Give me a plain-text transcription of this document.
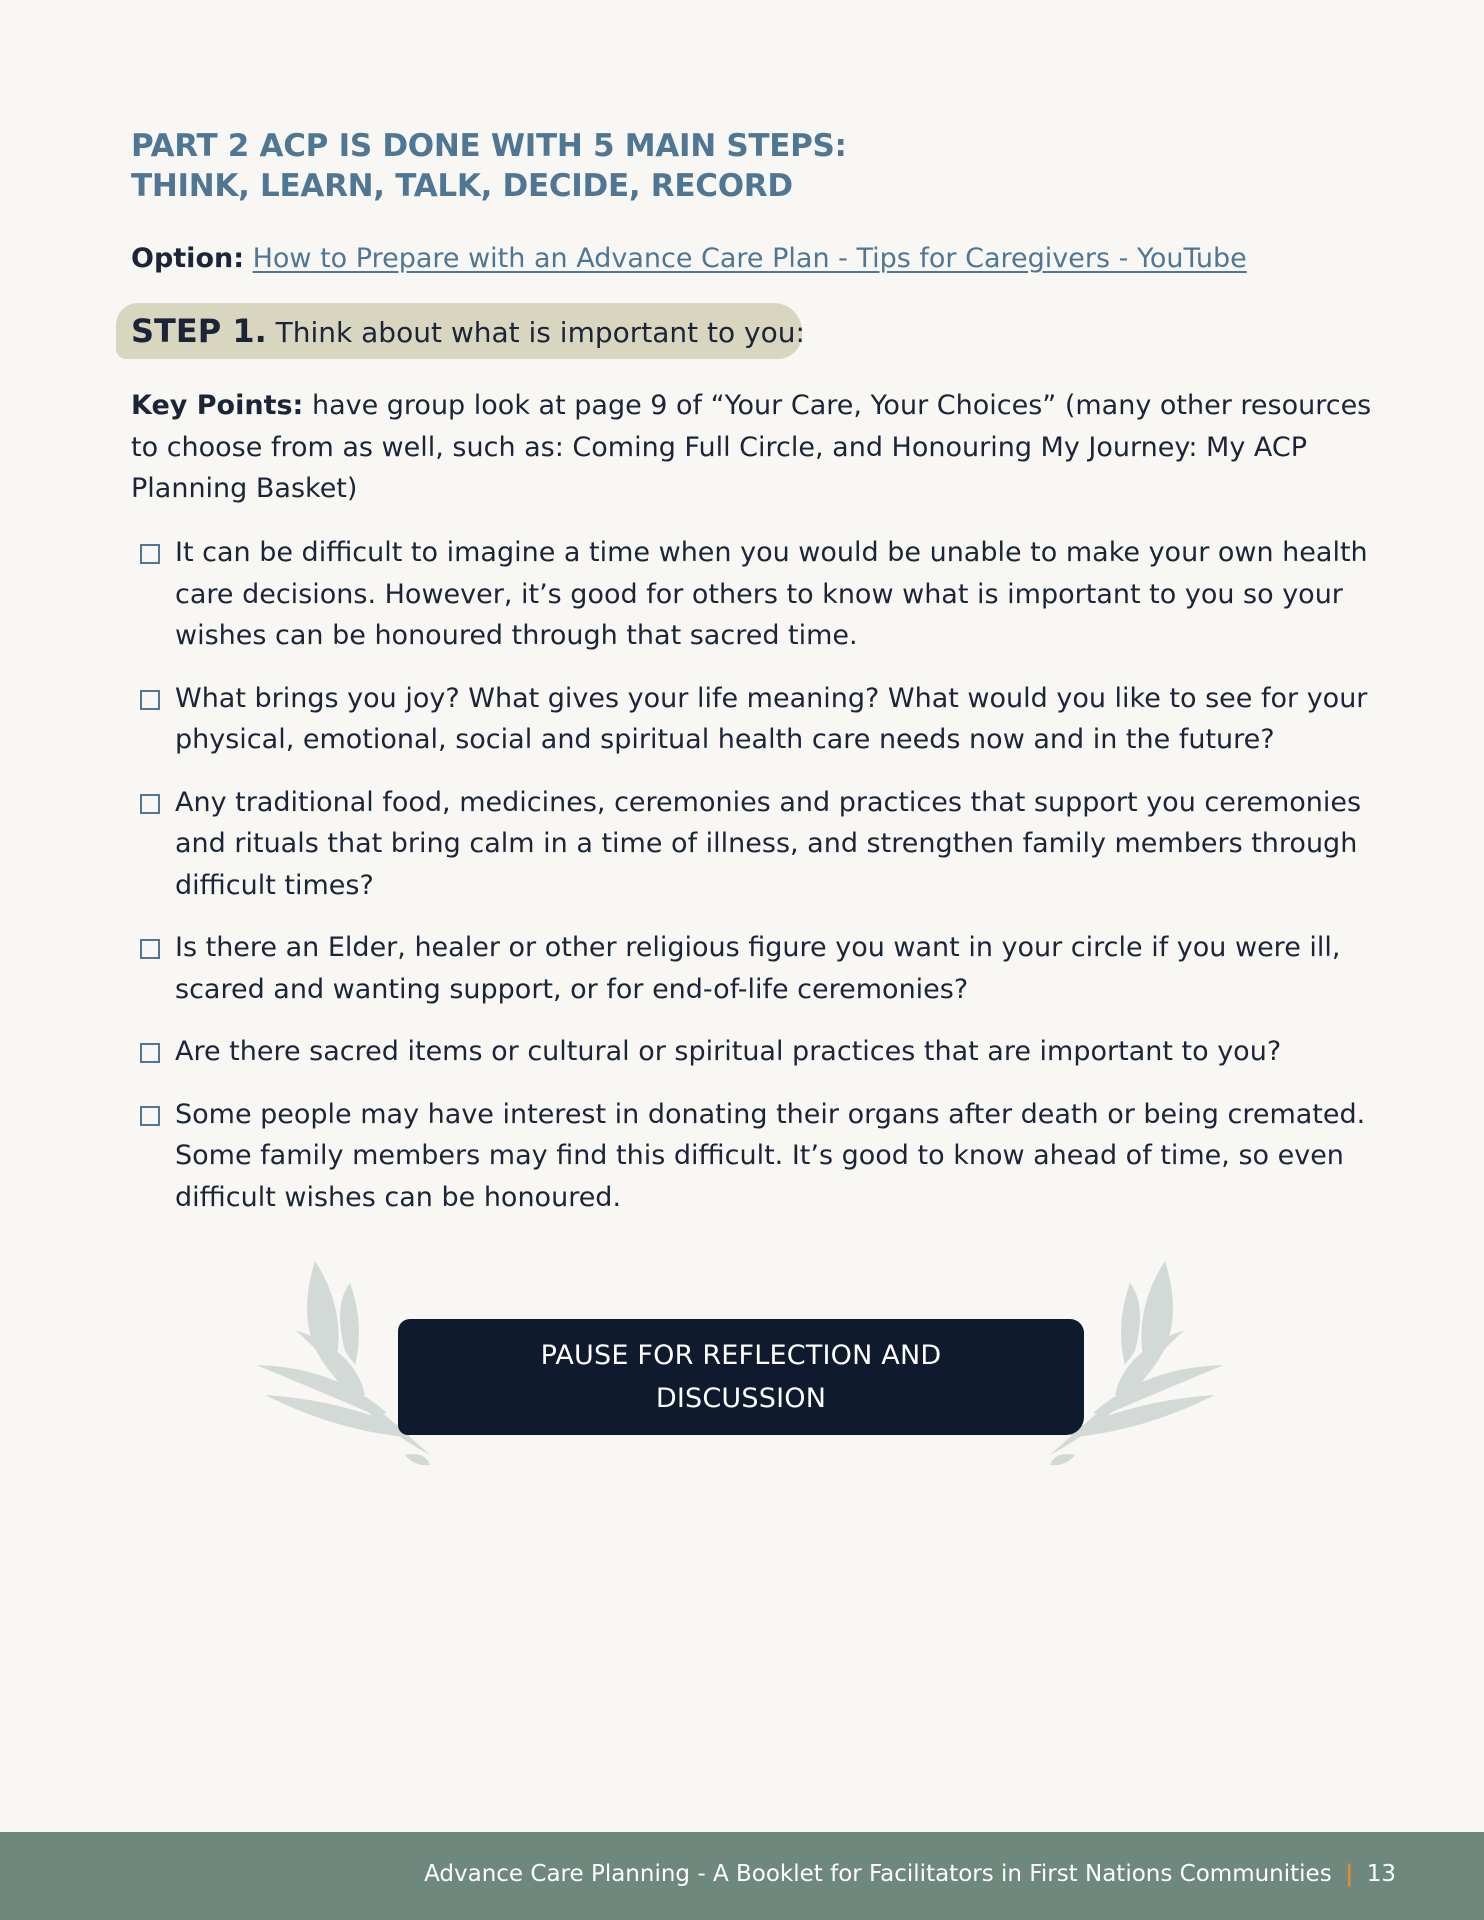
PART 2 ACP IS DONE WITH 5 MAIN STEPS:
THINK, LEARN, TALK, DECIDE, RECORD
Option: How to Prepare with an Advance Care Plan - Tips for Caregivers - YouTube
STEP 1. Think about what is important to you:

Key Points: have group look at page 9 of “Your Care, Your Choices” (many other resources to choose from as well, such as: Coming Full Circle, and Honouring My Journey: My ACP Planning Basket)

It can be difficult to imagine a time when you would be unable to make your own health care decisions. However, it’s good for others to know what is important to you so your wishes can be honoured through that sacred time.
What brings you joy? What gives your life meaning? What would you like to see for your physical, emotional, social and spiritual health care needs now and in the future?
Any traditional food, medicines, ceremonies and practices that support you ceremonies and rituals that bring calm in a time of illness, and strengthen family members through difficult times?
Is there an Elder, healer or other religious figure you want in your circle if you were ill, scared and wanting support, or for end-of-life ceremonies?
Are there sacred items or cultural or spiritual practices that are important to you?
Some people may have interest in donating their organs after death or being cremated. Some family members may find this difficult. It’s good to know ahead of time, so even difficult wishes can be honoured.
PAUSE FOR REFLECTION AND DISCUSSION
Advance Care Planning - A Booklet for Facilitators in First Nations Communities | 13
